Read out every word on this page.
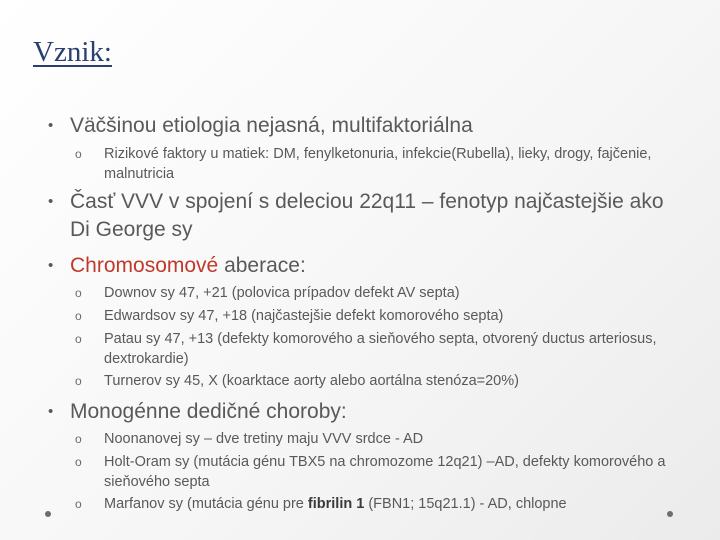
Vznik:
• Väčšinou etiologia nejasná, multifaktoriálna
o Rizikové faktory u matiek: DM, fenylketonuria, infekcie(Rubella), lieky, drogy, fajčenie, malnutricia
• Časť VVV v spojení s deleciou 22q11 – fenotyp najčastejšie ako Di George sy
• Chromosomové aberace:
o Downov sy 47, +21 (polovica prípadov defekt AV septa)
o Edwardsov sy 47, +18 (najčastejšie defekt komorového septa)
o Patau sy 47, +13 (defekty komorového a sieňového septa, otvorený ductus arteriosus, dextrokardie)
o Turnerov sy 45, X (koarktace aorty alebo aortálna stenóza=20%)
• Monogénne dedičné choroby:
o Noonanovej sy – dve tretiny maju VVV srdce - AD
o Holt-Oram sy (mutácia génu TBX5 na chromozome 12q21) –AD, defekty komorového a sieňového septa
o Marfanov sy (mutácia génu pre fibrilin 1 (FBN1; 15q21.1) - AD, chlopne
